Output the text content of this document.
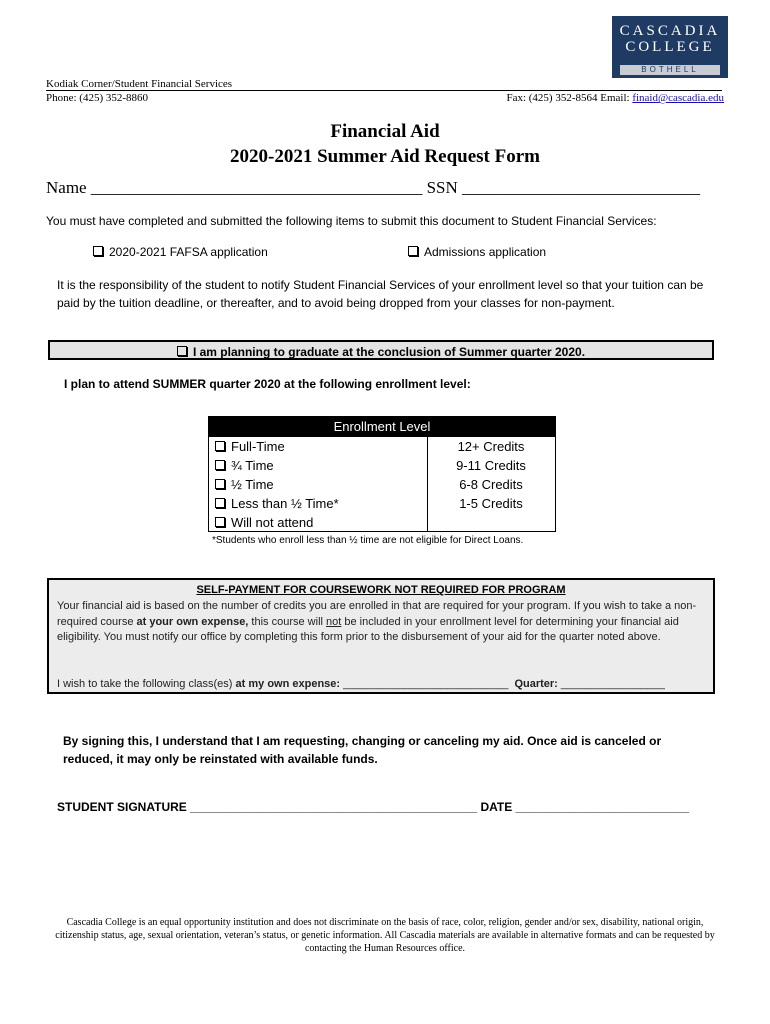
CASCADIA
COLLEGE
BOTHELL
Kodiak Corner/Student Financial Services
Phone: (425) 352-8860	Fax: (425) 352-8564 Email: finaid@cascadia.edu
Financial Aid
2020-2021 Summer Aid Request Form
Name _______________________________________ SSN ____________________________
You must have completed and submitted the following items to submit this document to Student Financial Services:
2020-2021 FAFSA application	Admissions application
It is the responsibility of the student to notify Student Financial Services of your enrollment level so that your tuition can be paid by the tuition deadline, or thereafter, and to avoid being dropped from your classes for non-payment.
I am planning to graduate at the conclusion of Summer quarter 2020.
I plan to attend SUMMER quarter 2020 at the following enrollment level:
Enrollment Level
Full-Time	12+ Credits
¾ Time	9-11 Credits
½ Time	6-8 Credits
Less than ½ Time*	1-5 Credits
Will not attend
*Students who enroll less than ½ time are not eligible for Direct Loans.
SELF-PAYMENT FOR COURSEWORK NOT REQUIRED FOR PROGRAM
Your financial aid is based on the number of credits you are enrolled in that are required for your program. If you wish to take a non-required course at your own expense, this course will not be included in your enrollment level for determining your financial aid eligibility. You must notify our office by completing this form prior to the disbursement of your aid for the quarter noted above.
I wish to take the following class(es) at my own expense: ___________________________  Quarter: _________________
By signing this, I understand that I am requesting, changing or canceling my aid. Once aid is canceled or reduced, it may only be reinstated with available funds.
STUDENT SIGNATURE ___________________________________________ DATE __________________________
Cascadia College is an equal opportunity institution and does not discriminate on the basis of race, color, religion, gender and/or sex, disability, national origin, citizenship status, age, sexual orientation, veteran’s status, or genetic information. All Cascadia materials are available in alternative formats and can be requested by contacting the Human Resources office.
